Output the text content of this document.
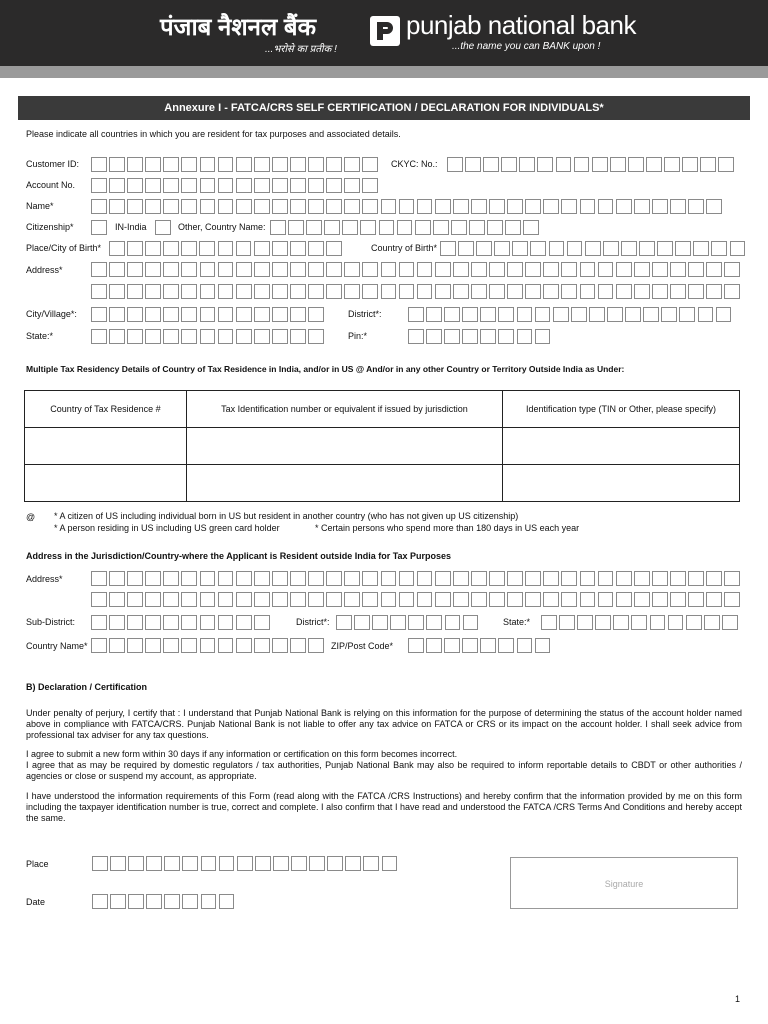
पंजाब नैशनल बैंक
...भरोसे का प्रतीक !
punjab national bank
...the name you can BANK upon !
Annexure I - FATCA/CRS SELF CERTIFICATION / DECLARATION FOR INDIVIDUALS*
Please indicate all countries in which you are resident for tax purposes and associated details.
Customer ID:	CKYC: No.:
Account No.
Name*
Citizenship*	IN-India	Other, Country Name:
Place/City of Birth*	Country of Birth*
Address*
City/Village*:	District*:
State:*	Pin:*
Multiple Tax Residency Details of Country of Tax Residence in India, and/or in US @ And/or in any other Country or Territory Outside India as Under:
Country of Tax Residence #	Tax Identification number or equivalent if issued by jurisdiction	Identification type (TIN or Other, please specify)

@ * A citizen of US including individual born in US but resident in another country (who has not given up US citizenship)
* A person residing in US including US green card holder	* Certain persons who spend more than 180 days in US each year
Address in the Jurisdiction/Country-where the Applicant is Resident outside India for Tax Purposes
Address*
Sub-District:	District*:	State:*
Country Name*	ZIP/Post Code*
B) Declaration / Certification
Under penalty of perjury, I certify that : I understand that Punjab National Bank is relying on this information for the purpose of determining the status of the account holder named above in compliance with FATCA/CRS. Punjab National Bank is not liable to offer any tax advice on FATCA or CRS or its impact on the account holder. I shall seek advice from professional tax adviser for any tax questions.
I agree to submit a new form within 30 days if any information or certification on this form becomes incorrect.
I agree that as may be required by domestic regulators / tax authorities, Punjab National Bank may also be required to inform reportable details to CBDT or other authorities / agencies or close or suspend my account, as appropriate.
I have understood the information requirements of this Form (read along with the FATCA /CRS Instructions) and hereby confirm that the information provided by me on this form including the taxpayer identification number is true, correct and complete. I also confirm that I have read and understood the FATCA /CRS Terms And Conditions and hereby accept the same.
Place
Date
Signature
1
